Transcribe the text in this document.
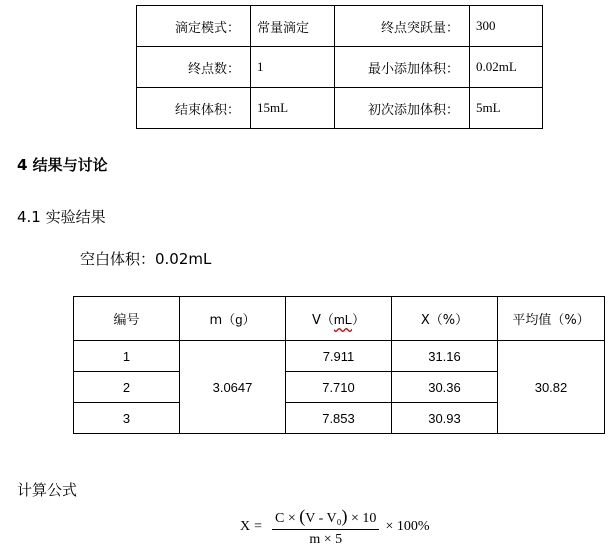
滴定模式：	常量滴定	终点突跃量：	300
终点数：	1	最小添加体积：	0.02mL
结束体积：	15mL	初次添加体积：	5mL
4 结果与讨论
4.1 实验结果
空白体积：0.02mL
编号	m（g）	V（mL）	X（%）	平均值（%）
1	3.0647	7.911	31.16	30.82
2		7.710	30.36	
3		7.853	30.93	
计算公式
$X = \frac{\text{C × (V - V₀) × 10}}{m \times 5} \times 100\%$
